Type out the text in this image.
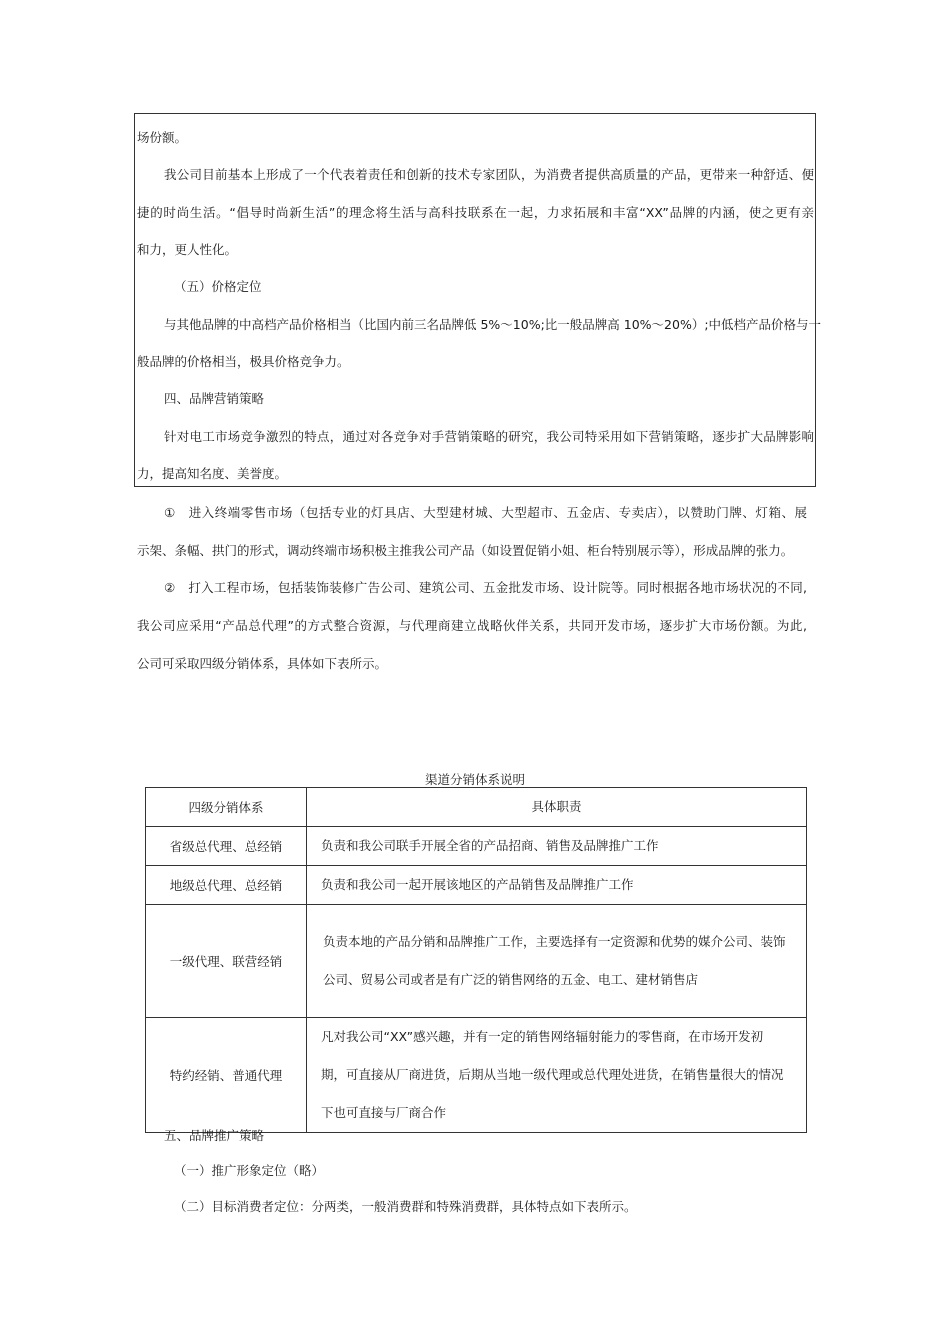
场份额。
我公司目前基本上形成了一个代表着责任和创新的技术专家团队，为消费者提供高质量的产品，更带来一种舒适、便
捷的时尚生活。“倡导时尚新生活”的理念将生活与高科技联系在一起，力求拓展和丰富“XX”品牌的内涵，使之更有亲
和力，更人性化。
（五）价格定位
与其他品牌的中高档产品价格相当（比国内前三名品牌低 5%～10%;比一般品牌高 10%～20%）;中低档产品价格与一
般品牌的价格相当，极具价格竞争力。
四、品牌营销策略
针对电工市场竞争激烈的特点，通过对各竞争对手营销策略的研究，我公司特采用如下营销策略，逐步扩大品牌影响
力，提高知名度、美誉度。
①　进入终端零售市场（包括专业的灯具店、大型建材城、大型超市、五金店、专卖店），以赞助门牌、灯箱、展
示架、条幅、拱门的形式，调动终端市场积极主推我公司产品（如设置促销小姐、柜台特别展示等），形成品牌的张力。
②　打入工程市场，包括装饰装修广告公司、建筑公司、五金批发市场、设计院等。同时根据各地市场状况的不同,
我公司应采用“产品总代理”的方式整合资源，与代理商建立战略伙伴关系，共同开发市场，逐步扩大市场份额。为此,
公司可采取四级分销体系，具体如下表所示。
渠道分销体系说明
四级分销体系	具体职责
省级总代理、总经销	负责和我公司联手开展全省的产品招商、销售及品牌推广工作
地级总代理、总经销	负责和我公司一起开展该地区的产品销售及品牌推广工作
一级代理、联营经销	负责本地的产品分销和品牌推广工作，主要选择有一定资源和优势的媒介公司、装饰
公司、贸易公司或者是有广泛的销售网络的五金、电工、建材销售店

特约经销、普通代理	凡对我公司“XX”感兴趣，并有一定的销售网络辐射能力的零售商，在市场开发初
期，可直接从厂商进货，后期从当地一级代理或总代理处进货，在销售量很大的情况
下也可直接与厂商合作
五、品牌推广策略
（一）推广形象定位（略）
（二）目标消费者定位：分两类，一般消费群和特殊消费群，具体特点如下表所示。
